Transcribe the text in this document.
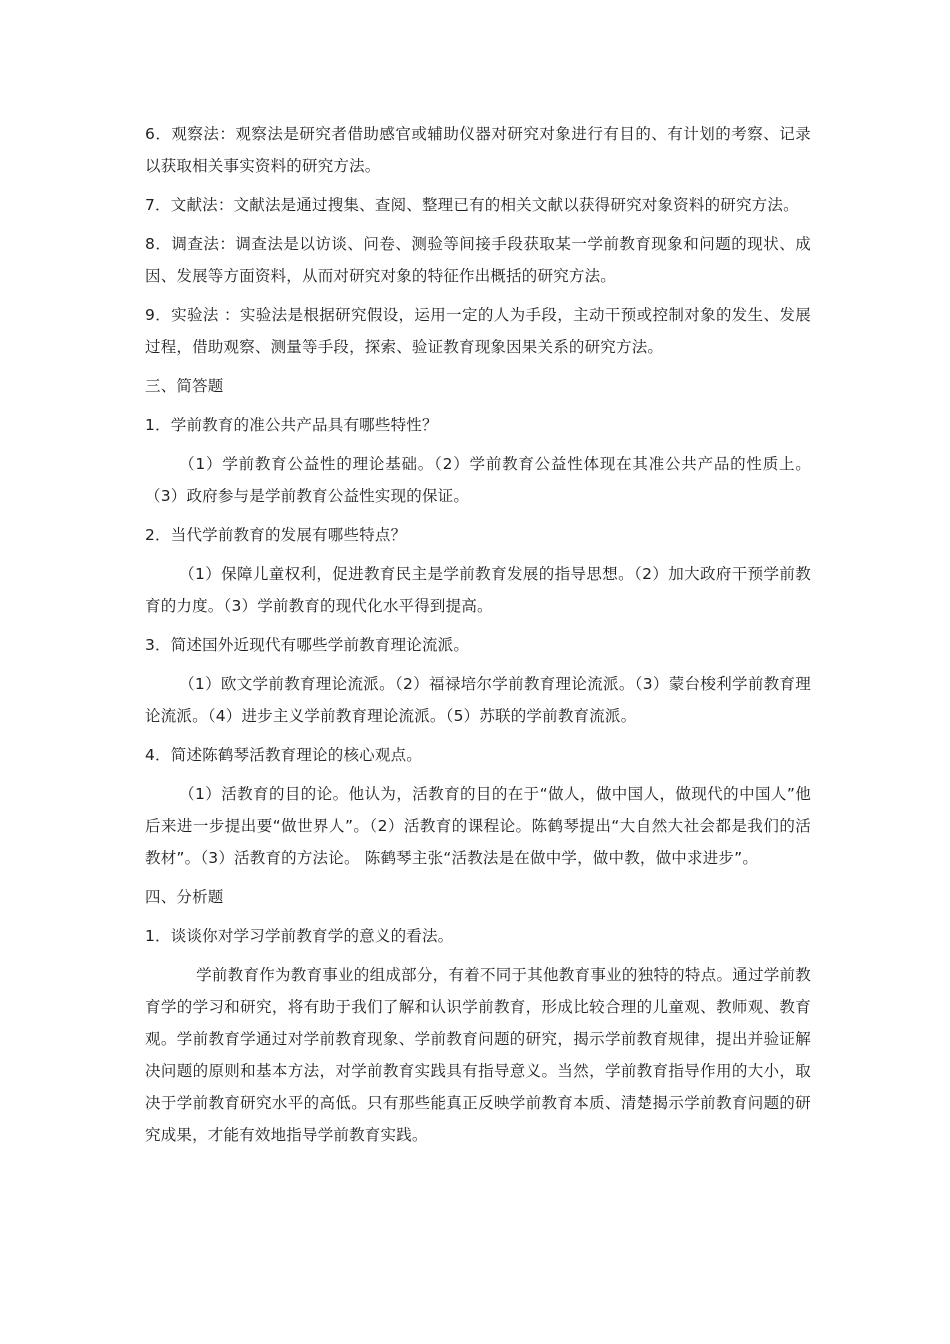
6．观察法：观察法是研究者借助感官或辅助仪器对研究对象进行有目的、有计划的考察、记录以获取相关事实资料的研究方法。

7．文献法：文献法是通过搜集、查阅、整理已有的相关文献以获得研究对象资料的研究方法。

8．调查法：调查法是以访谈、问卷、测验等间接手段获取某一学前教育现象和问题的现状、成因、发展等方面资料，从而对研究对象的特征作出概括的研究方法。

9．实验法 ：实验法是根据研究假设，运用一定的人为手段，主动干预或控制对象的发生、发展过程，借助观察、测量等手段，探索、验证教育现象因果关系的研究方法。

三、简答题

1．学前教育的准公共产品具有哪些特性？

（1）学前教育公益性的理论基础。（2）学前教育公益性体现在其准公共产品的性质上。（3）政府参与是学前教育公益性实现的保证。

2．当代学前教育的发展有哪些特点？

（1）保障儿童权利，促进教育民主是学前教育发展的指导思想。（2）加大政府干预学前教育的力度。（3）学前教育的现代化水平得到提高。

3．简述国外近现代有哪些学前教育理论流派。

（1）欧文学前教育理论流派。（2）福禄培尔学前教育理论流派。（3）蒙台梭利学前教育理论流派。（4）进步主义学前教育理论流派。（5）苏联的学前教育流派。

4．简述陈鹤琴活教育理论的核心观点。

（1）活教育的目的论。他认为，活教育的目的在于“做人，做中国人，做现代的中国人”他后来进一步提出要“做世界人”。（2）活教育的课程论。陈鹤琴提出“大自然大社会都是我们的活教材”。（3）活教育的方法论。 陈鹤琴主张“活教法是在做中学，做中教，做中求进步”。

四、分析题

1．谈谈你对学习学前教育学的意义的看法。

学前教育作为教育事业的组成部分，有着不同于其他教育事业的独特的特点。通过学前教育学的学习和研究，将有助于我们了解和认识学前教育，形成比较合理的儿童观、教师观、教育观。学前教育学通过对学前教育现象、学前教育问题的研究，揭示学前教育规律，提出并验证解决问题的原则和基本方法，对学前教育实践具有指导意义。当然，学前教育指导作用的大小，取决于学前教育研究水平的高低。只有那些能真正反映学前教育本质、清楚揭示学前教育问题的研究成果，才能有效地指导学前教育实践。
